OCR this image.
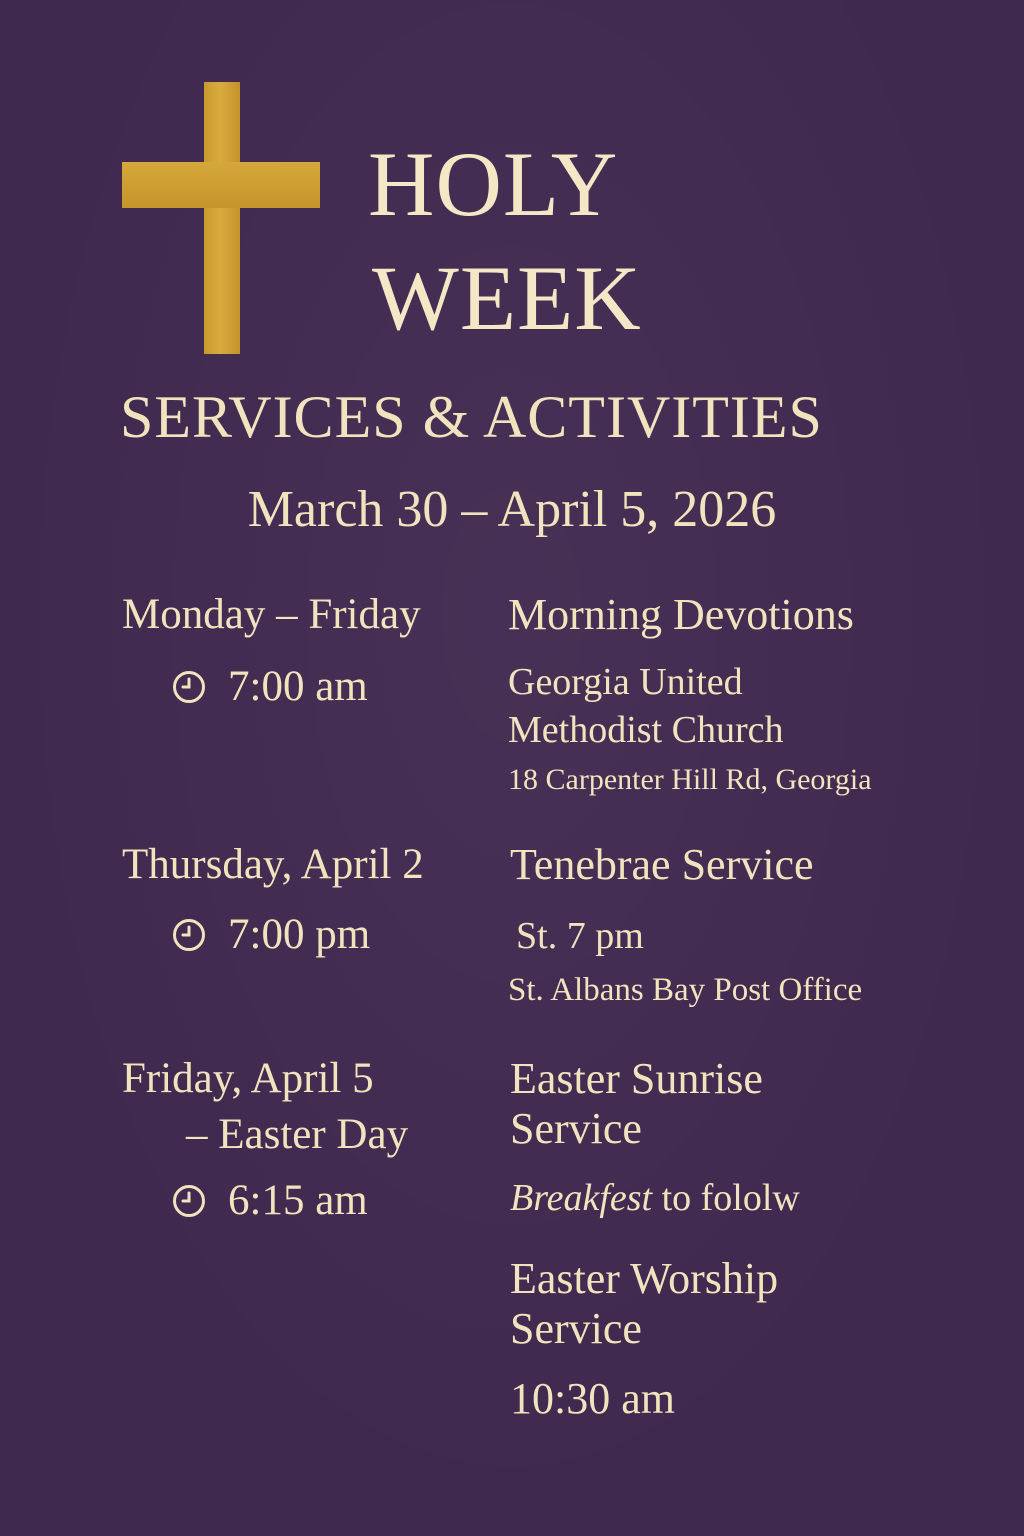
HOLY
WEEK
SERVICES & ACTIVITIES
March 30 – April 5, 2026
Monday – Friday
7:00 am
Morning Devotions
Georgia United
Methodist Church
18 Carpenter Hill Rd, Georgia
Thursday, April 2
7:00 pm
Tenebrae Service
St. 7 pm
St. Albans Bay Post Office
Friday, April 5
– Easter Day
6:15 am
Easter Sunrise
Service
Breakfest to fololw
Easter Worship
Service
10:30 am
